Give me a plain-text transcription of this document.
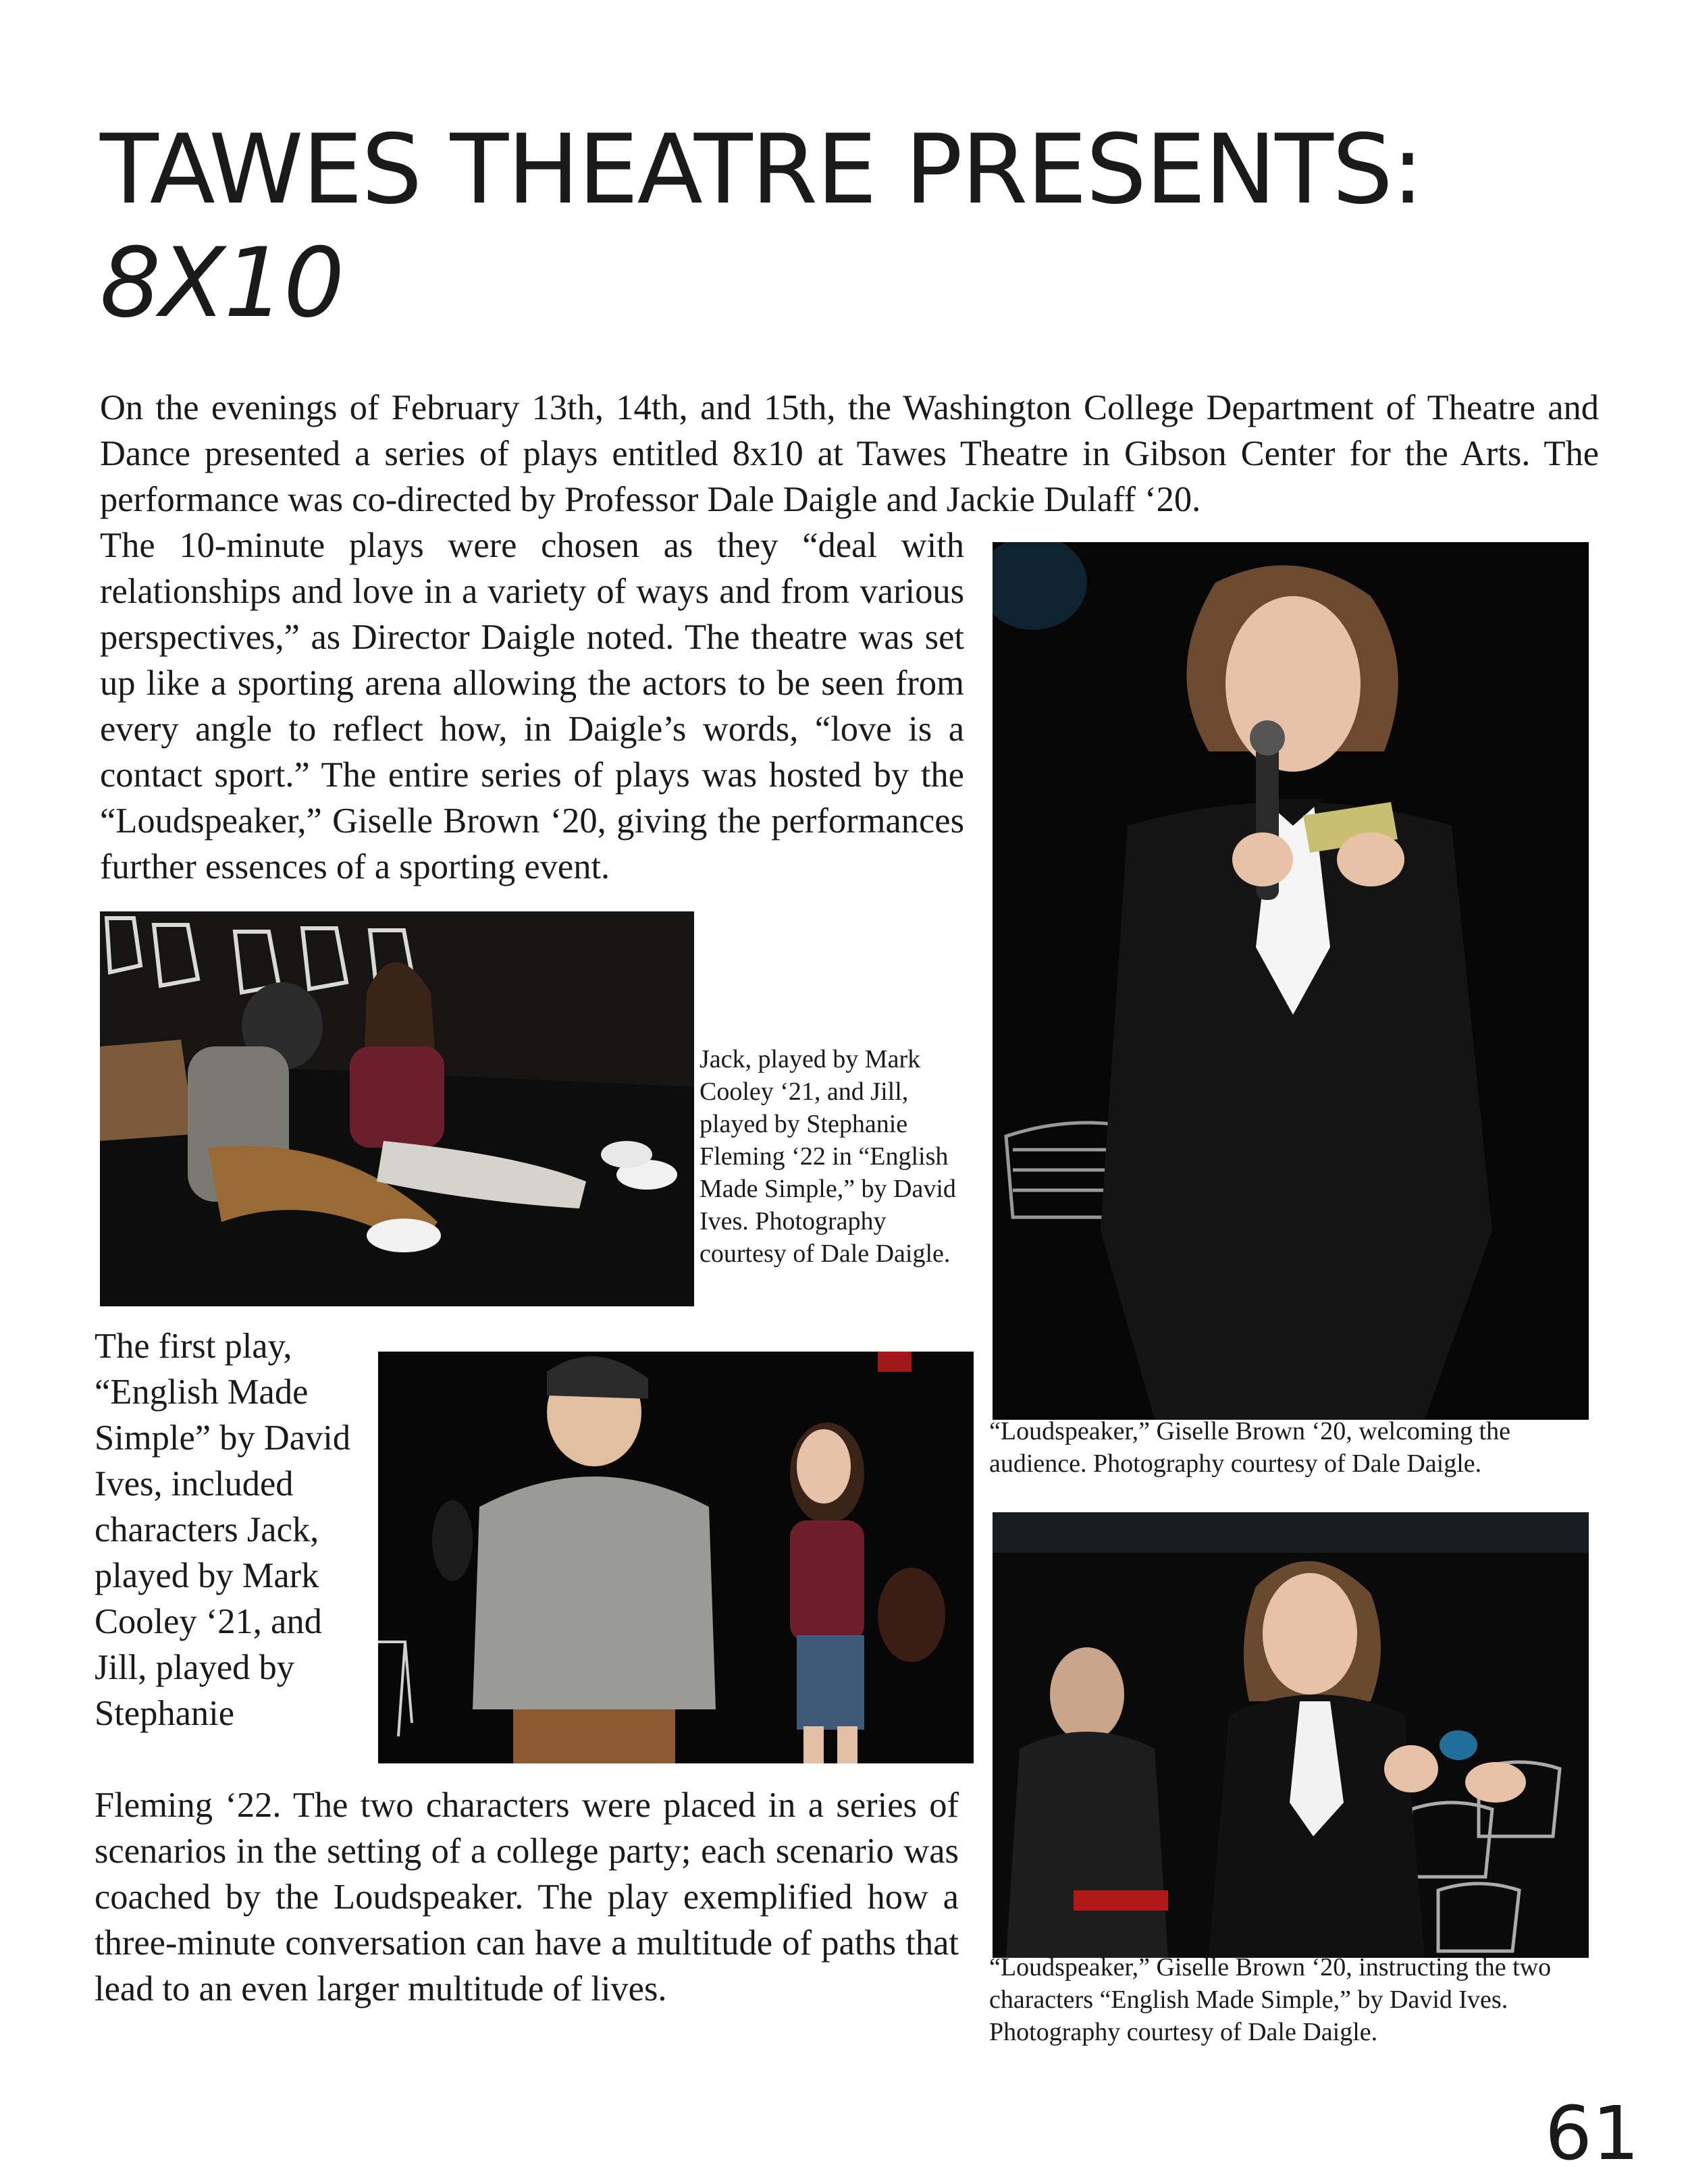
TAWES THEATRE PRESENTS:
8X10
On the evenings of February 13th, 14th, and 15th, the Washington College Department of Theatre and Dance presented a series of plays entitled 8x10 at Tawes Theatre in Gibson Center for the Arts. The performance was co-directed by Professor Dale Daigle and Jackie Dulaff ‘20.
The 10-minute plays were chosen as they “deal with relationships and love in a variety of ways and from various perspectives,” as Director Daigle noted. The theatre was set up like a sporting arena allowing the actors to be seen from every angle to reflect how, in Daigle’s words, “love is a contact sport.” The entire series of plays was hosted by the “Loudspeaker,” Giselle Brown ‘20, giving the performances further essences of a sporting event.
Jack, played by Mark Cooley ‘21, and Jill, played by Stephanie Fleming ‘22 in “English Made Simple,” by David Ives. Photography courtesy of Dale Daigle.
“Loudspeaker,” Giselle Brown ‘20, welcoming the audience. Photography courtesy of Dale Daigle.
The first play, “English Made Simple” by David Ives, included characters Jack, played by Mark Cooley ‘21, and Jill, played by Stephanie
Fleming ‘22. The two characters were placed in a series of scenarios in the setting of a college party; each scenario was coached by the Loudspeaker. The play exemplified how a three-minute conversation can have a multitude of paths that lead to an even larger multitude of lives.
“Loudspeaker,” Giselle Brown ‘20, instructing the two characters “English Made Simple,” by David Ives. Photography courtesy of Dale Daigle.
61
